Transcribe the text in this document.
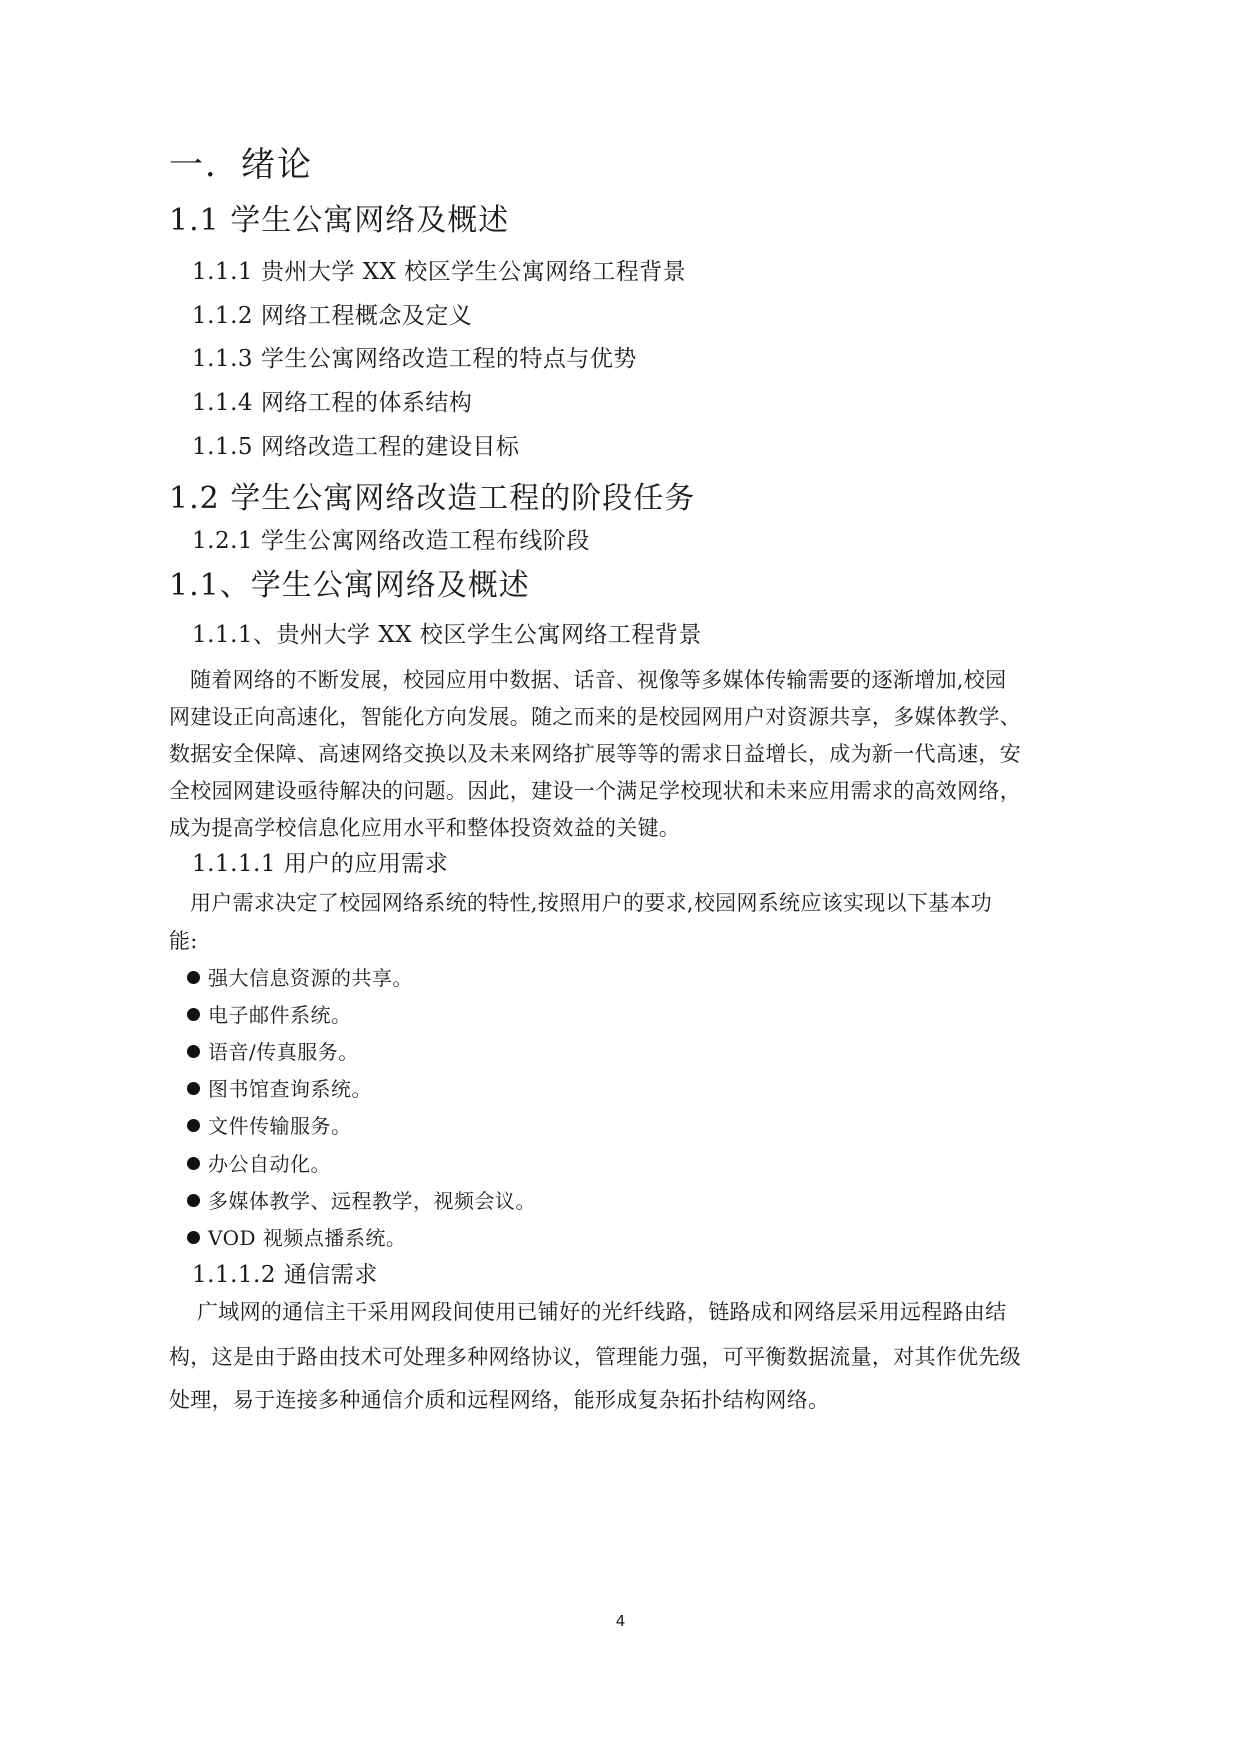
一．绪论
1.1 学生公寓网络及概述
1.1.1 贵州大学 XX 校区学生公寓网络工程背景
1.1.2 网络工程概念及定义
1.1.3 学生公寓网络改造工程的特点与优势
1.1.4 网络工程的体系结构
1.1.5 网络改造工程的建设目标
1.2 学生公寓网络改造工程的阶段任务
1.2.1 学生公寓网络改造工程布线阶段
1.1、学生公寓网络及概述
1.1.1、贵州大学 XX 校区学生公寓网络工程背景
随着网络的不断发展，校园应用中数据、话音、视像等多媒体传输需要的逐渐增加,校园
网建设正向高速化，智能化方向发展。随之而来的是校园网用户对资源共享，多媒体教学、
数据安全保障、高速网络交换以及未来网络扩展等等的需求日益增长，成为新一代高速，安
全校园网建设亟待解决的问题。因此，建设一个满足学校现状和未来应用需求的高效网络，
成为提高学校信息化应用水平和整体投资效益的关键。
1.1.1.1 用户的应用需求
用户需求决定了校园网络系统的特性,按照用户的要求,校园网系统应该实现以下基本功
能:
强大信息资源的共享。
电子邮件系统。
语音/传真服务。
图书馆查询系统。
文件传输服务。
办公自动化。
多媒体教学、远程教学，视频会议。
VOD 视频点播系统。
1.1.1.2 通信需求
广域网的通信主干采用网段间使用已铺好的光纤线路，链路成和网络层采用远程路由结
构，这是由于路由技术可处理多种网络协议，管理能力强，可平衡数据流量，对其作优先级
处理，易于连接多种通信介质和远程网络，能形成复杂拓扑结构网络。
4
